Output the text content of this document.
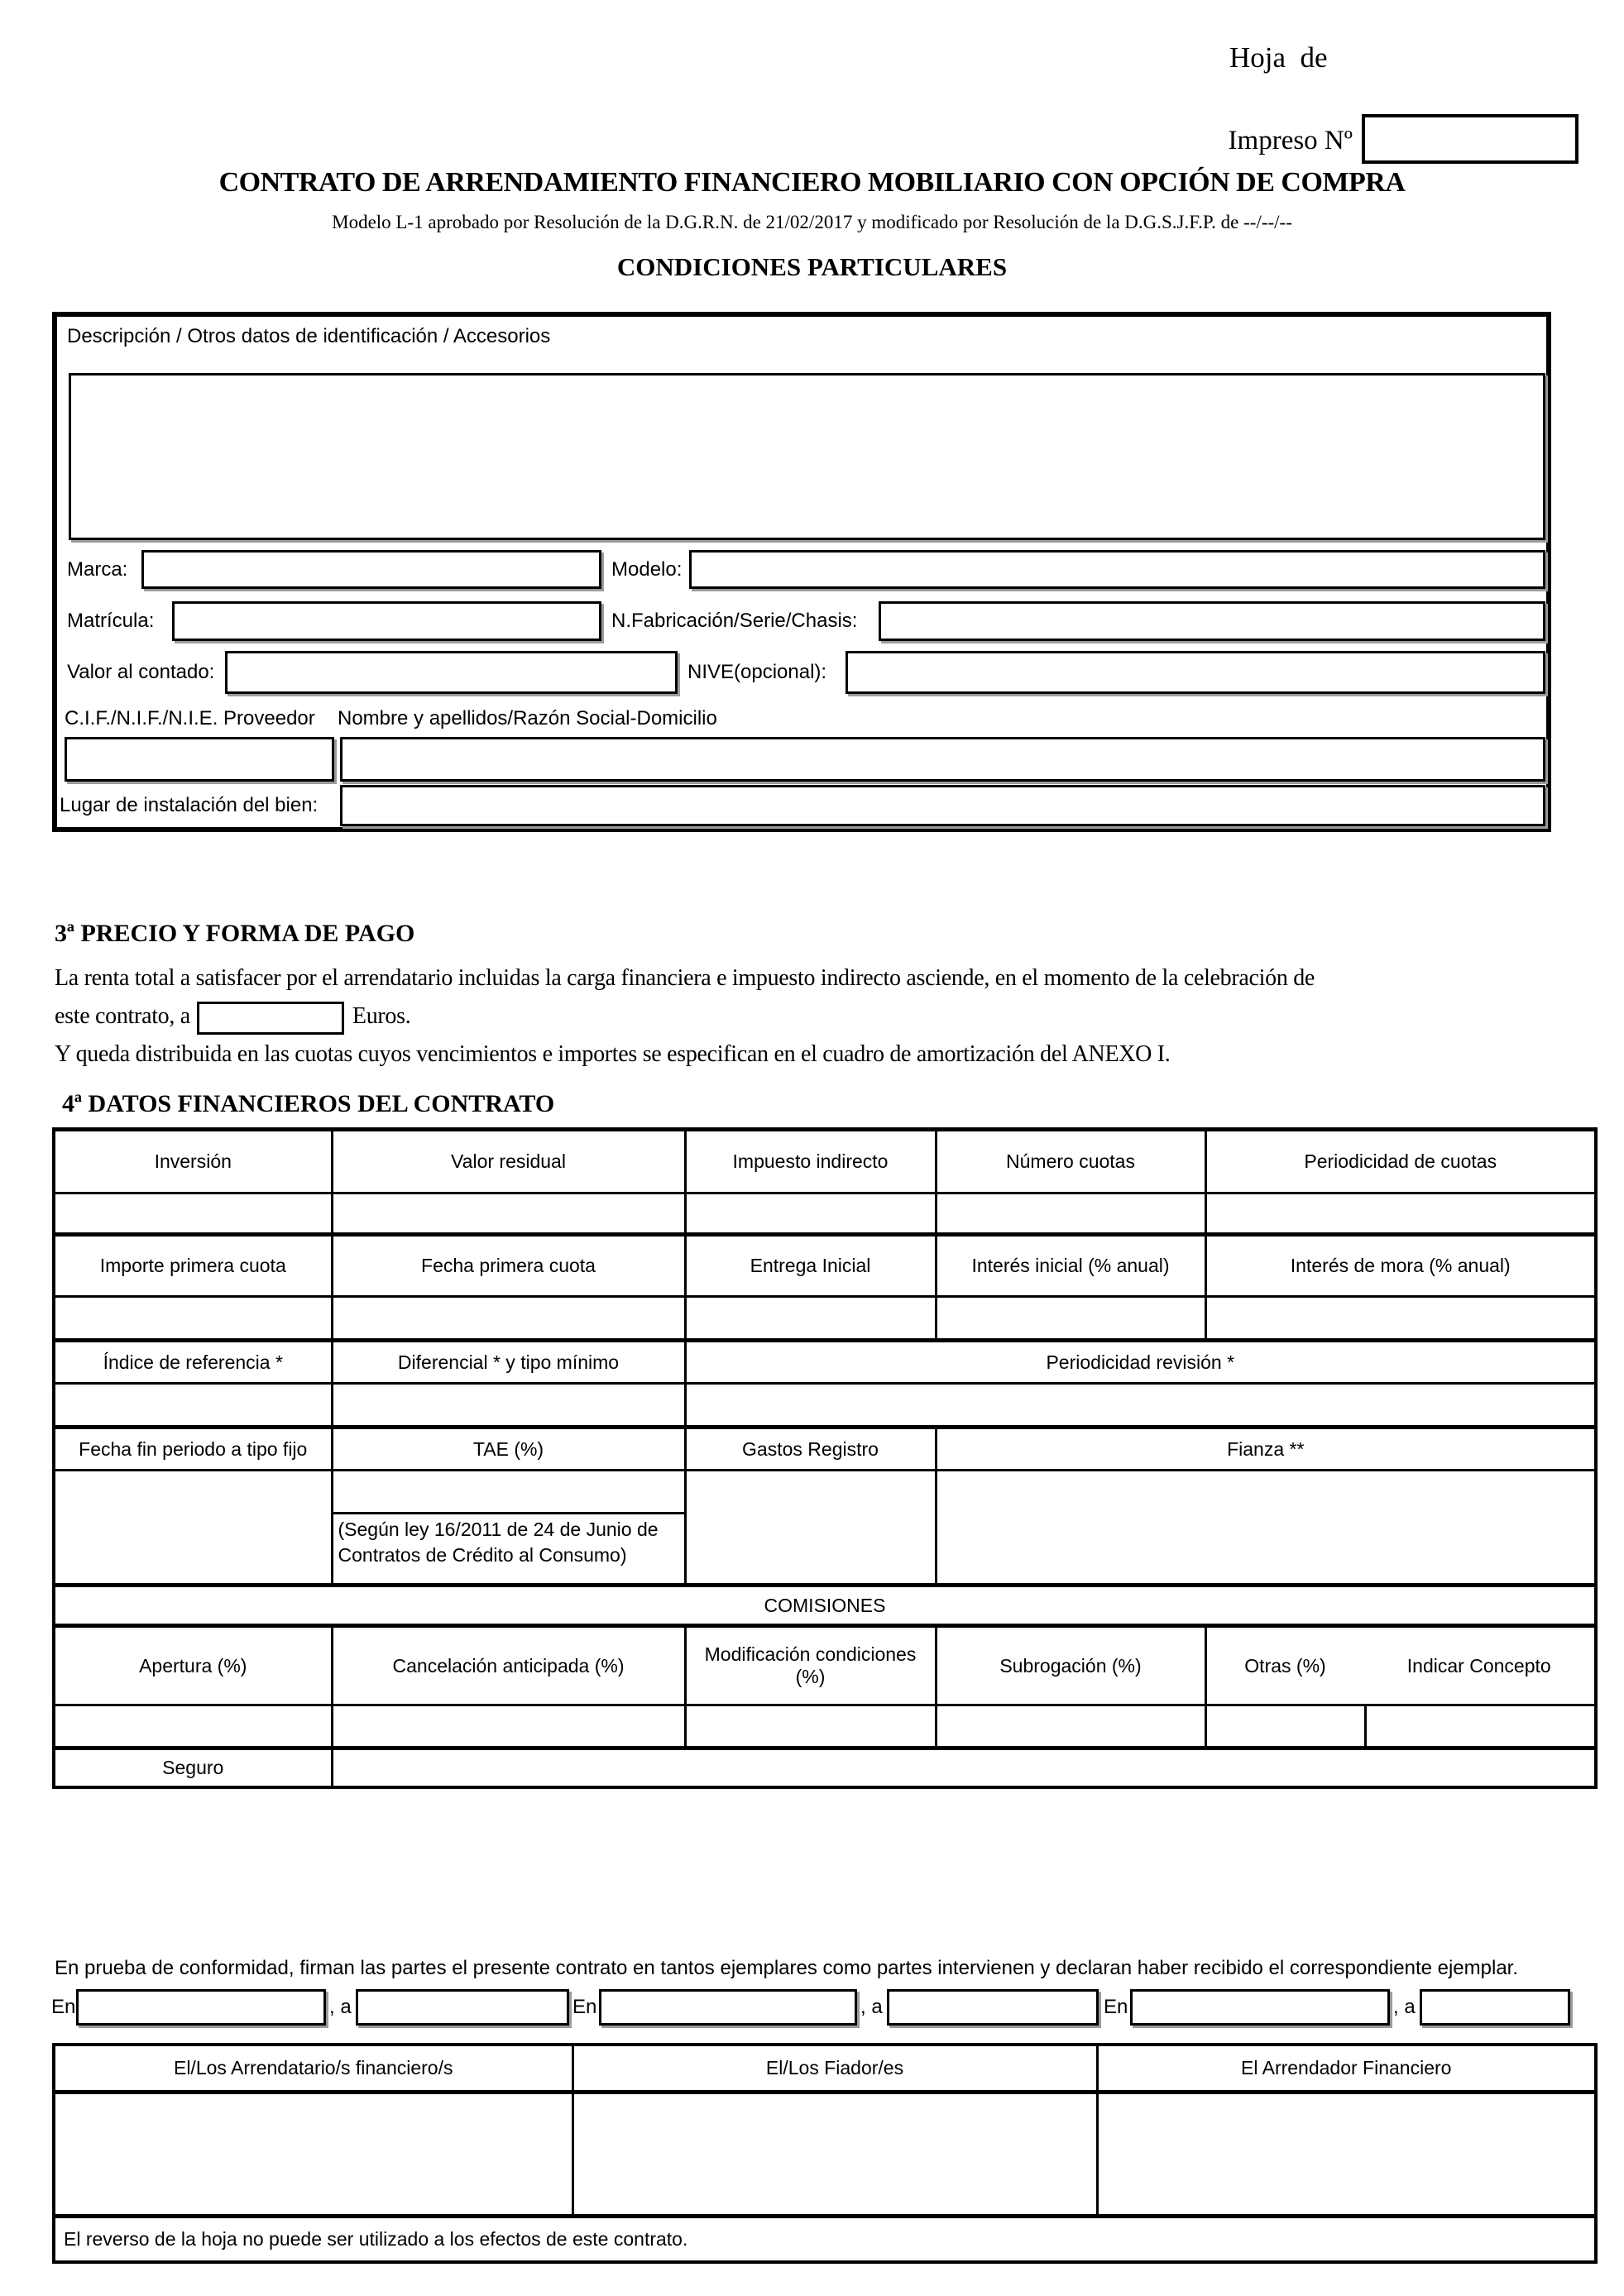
Hoja  de
Impreso Nº
CONTRATO DE ARRENDAMIENTO FINANCIERO MOBILIARIO CON OPCIÓN DE COMPRA
Modelo L-1 aprobado por Resolución de la D.G.R.N. de 21/02/2017 y modificado por Resolución de la D.G.S.J.F.P. de --/--/--
CONDICIONES PARTICULARES
Descripción / Otros datos de identificación / Accesorios
Marca:	Modelo:
Matrícula:	N.Fabricación/Serie/Chasis:
Valor al contado:	NIVE(opcional):
C.I.F./N.I.F./N.I.E. Proveedor Nombre y apellidos/Razón Social-Domicilio
Lugar de instalación del bien:
3ª PRECIO Y FORMA DE PAGO
La renta total a satisfacer por el arrendatario incluidas la carga financiera e impuesto indirecto asciende, en el momento de la celebración de
este contrato, a	Euros.
Y queda distribuida en las cuotas cuyos vencimientos e importes se especifican en el cuadro de amortización del ANEXO I.
4ª DATOS FINANCIEROS DEL CONTRATO
Inversión	Valor residual	Impuesto indirecto	Número cuotas	Periodicidad de cuotas	

Importe primera cuota	Fecha primera cuota	Entrega Inicial	Interés inicial (% anual)	Interés de mora (% anual)	

Índice de referencia *	Diferencial * y tipo mínimo	Periodicidad revisión *			

Fecha fin periodo a tipo fijo	TAE (%)	Gastos Registro	Fianza **		

	(Según ley 16/2011 de 24 de Junio de Contratos de Crédito al Consumo)				

COMISIONES					
Apertura (%)	Cancelación anticipada (%)	Modificación condiciones (%)	Subrogación (%)	Otras (%) Indicar Concepto	

Seguro					
En prueba de conformidad, firman las partes el presente contrato en tantos ejemplares como partes intervienen y declaran haber recibido el correspondiente ejemplar.
En	, a	En	, a	En	, a
El/Los Arrendatario/s financiero/s	El/Los Fiador/es	El Arrendador Financiero

El reverso de la hoja no puede ser utilizado a los efectos de este contrato.		
